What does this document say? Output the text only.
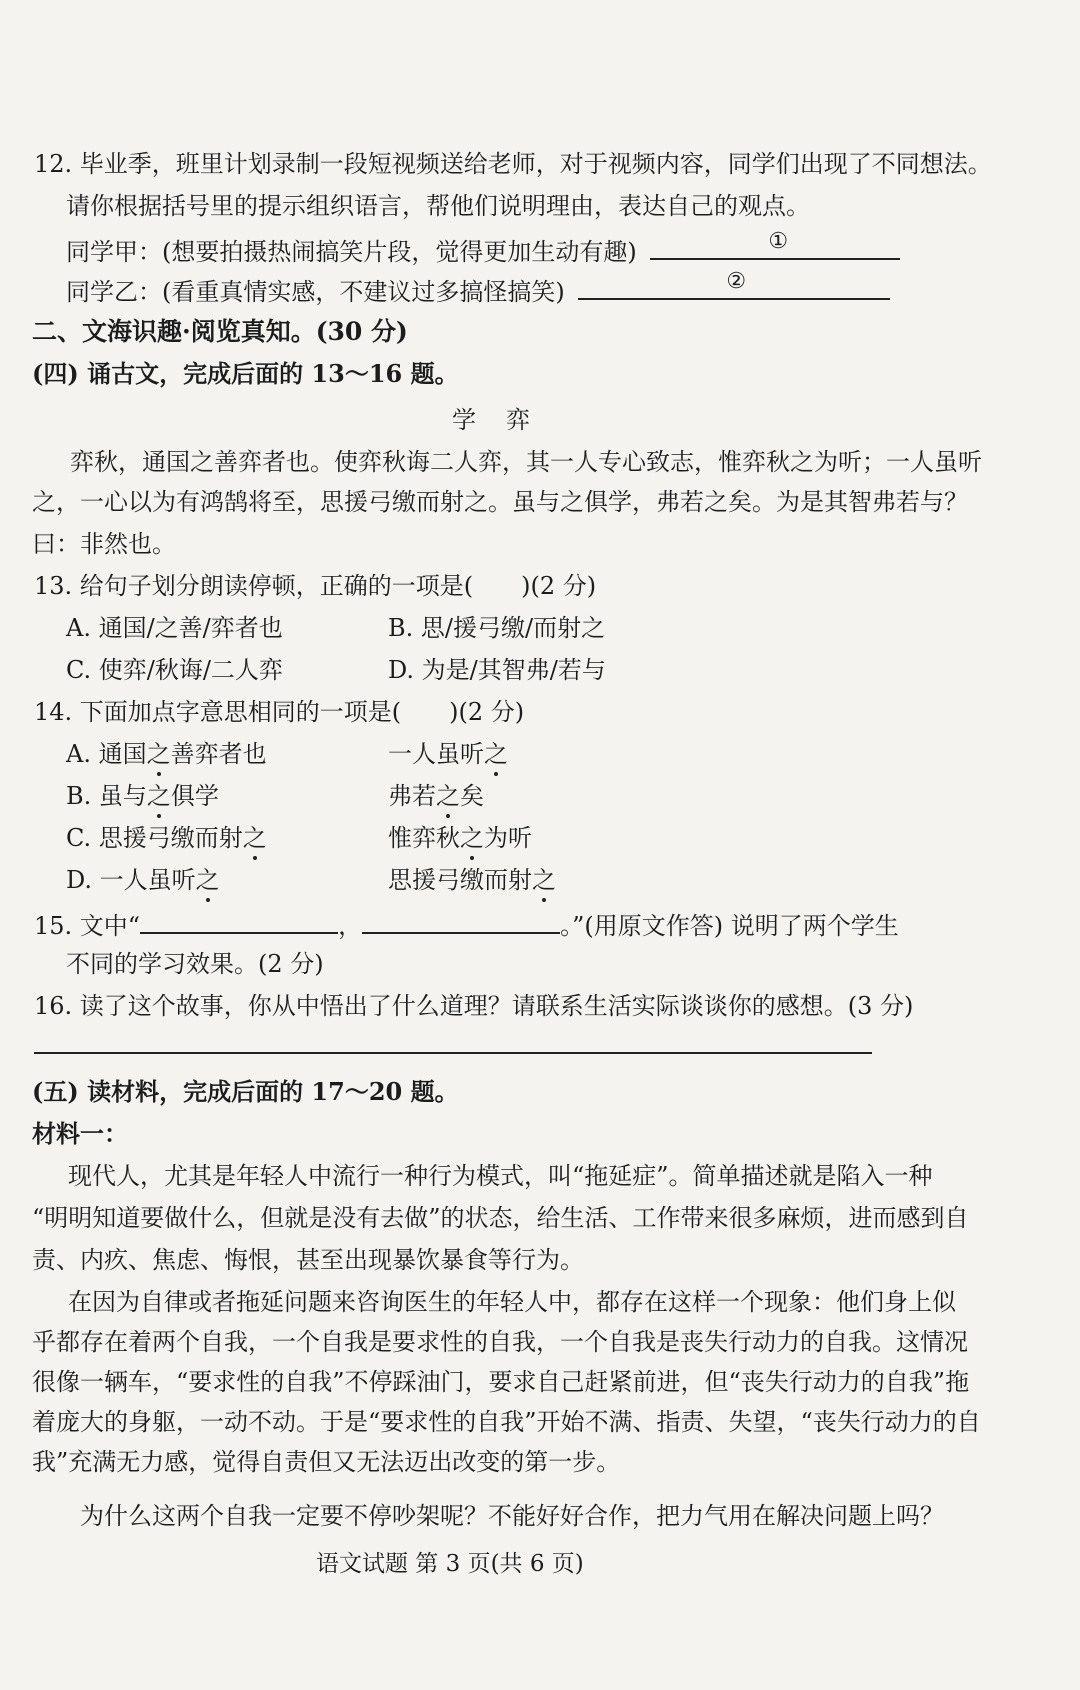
12. 毕业季，班里计划录制一段短视频送给老师，对于视频内容，同学们出现了不同想法。
请你根据括号里的提示组织语言，帮他们说明理由，表达自己的观点。
同学甲：(想要拍摄热闹搞笑片段，觉得更加生动有趣)	①
同学乙：(看重真情实感，不建议过多搞怪搞笑)	②
二、文海识趣·阅览真知。(30 分)
(四) 诵古文，完成后面的 13～16 题。
学弈
弈秋，通国之善弈者也。使弈秋诲二人弈，其一人专心致志，惟弈秋之为听；一人虽听
之，一心以为有鸿鹄将至，思援弓缴而射之。虽与之俱学，弗若之矣。为是其智弗若与？
曰：非然也。
13. 给句子划分朗读停顿，正确的一项是(　　)(2 分)
A. 通国/之善/弈者也	B. 思/援弓缴/而射之
C. 使弈/秋诲/二人弈	D. 为是/其智弗/若与
14. 下面加点字意思相同的一项是(　　)(2 分)
A. 通国之善弈者也	一人虽听之
B. 虽与之俱学	弗若之矣
C. 思援弓缴而射之	惟弈秋之为听
D. 一人虽听之	思援弓缴而射之
15. 文中“	，	。”(用原文作答) 说明了两个学生
不同的学习效果。(2 分)
16. 读了这个故事，你从中悟出了什么道理？请联系生活实际谈谈你的感想。(3 分)
(五) 读材料，完成后面的 17～20 题。
材料一：
现代人，尤其是年轻人中流行一种行为模式，叫“拖延症”。简单描述就是陷入一种
“明明知道要做什么，但就是没有去做”的状态，给生活、工作带来很多麻烦，进而感到自
责、内疚、焦虑、悔恨，甚至出现暴饮暴食等行为。
在因为自律或者拖延问题来咨询医生的年轻人中，都存在这样一个现象：他们身上似
乎都存在着两个自我，一个自我是要求性的自我，一个自我是丧失行动力的自我。这情况
很像一辆车，“要求性的自我”不停踩油门，要求自己赶紧前进，但“丧失行动力的自我”拖
着庞大的身躯，一动不动。于是“要求性的自我”开始不满、指责、失望，“丧失行动力的自
我”充满无力感，觉得自责但又无法迈出改变的第一步。
为什么这两个自我一定要不停吵架呢？不能好好合作，把力气用在解决问题上吗？
语文试题 第 3 页(共 6 页)
